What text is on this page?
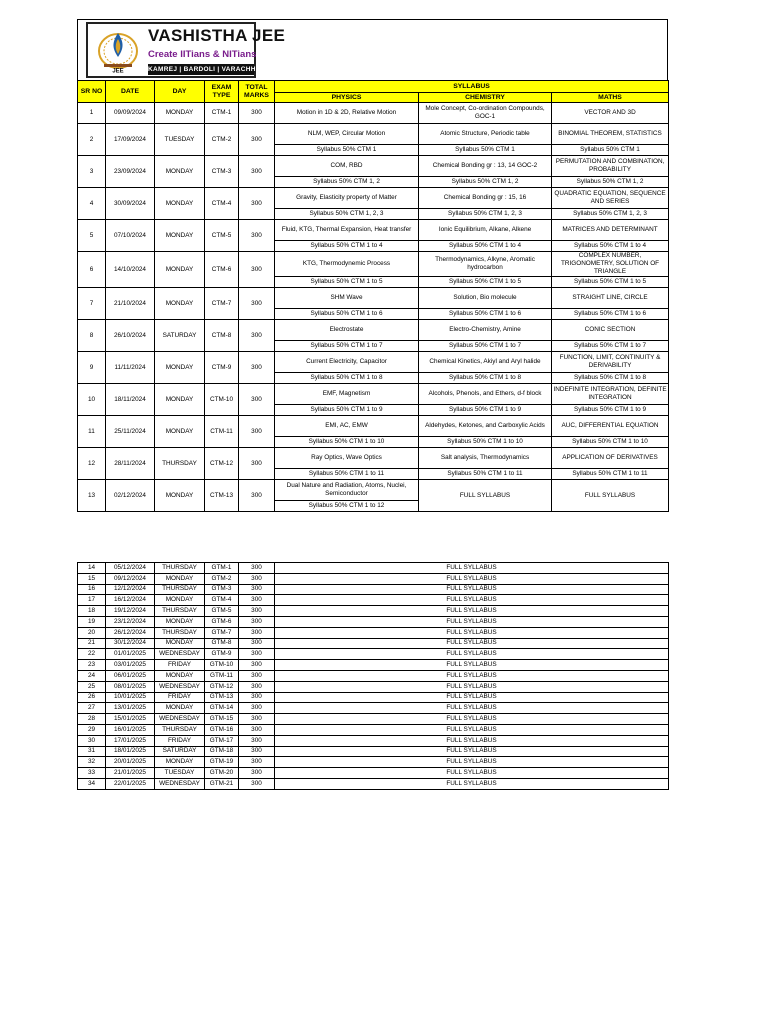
JEE
VASHISTHA JEE
Create IITians & NITians
KAMREJ | BARDOLI | VARACHHA
SR NO	DATE	DAY	EXAM TYPE	TOTAL MARKS	SYLLABUS		
					PHYSICS	CHEMISTRY	MATHS
1	09/09/2024	MONDAY	CTM-1	300	Motion in 1D & 2D, Relative Motion	Mole Concept, Co-ordination Compounds, GOC-1	VECTOR AND 3D
2	17/09/2024	TUESDAY	CTM-2	300	NLM, WEP, Circular Motion	Atomic Structure, Periodic table	BINOMIAL THEOREM, STATISTICS
					Syllabus 50% CTM 1	Syllabus 50% CTM 1	Syllabus 50% CTM 1
3	23/09/2024	MONDAY	CTM-3	300	COM, RBD	Chemical Bonding gr : 13, 14 GOC-2	PERMUTATION AND COMBINATION, PROBABILITY
					Syllabus 50% CTM 1, 2	Syllabus 50% CTM 1, 2	Syllabus 50% CTM 1, 2
4	30/09/2024	MONDAY	CTM-4	300	Gravity, Elasticity property of Matter	Chemical Bonding gr : 15, 16	QUADRATIC EQUATION, SEQUENCE AND SERIES
					Syllabus 50% CTM 1, 2, 3	Syllabus 50% CTM 1, 2, 3	Syllabus 50% CTM 1, 2, 3
5	07/10/2024	MONDAY	CTM-5	300	Fluid, KTG, Thermal Expansion, Heat transfer	Ionic Equilibrium, Alkane, Alkene	MATRICES AND DETERMINANT
					Syllabus 50% CTM 1 to 4	Syllabus 50% CTM 1 to 4	Syllabus 50% CTM 1 to 4
6	14/10/2024	MONDAY	CTM-6	300	KTG, Thermodynemic Process	Thermodynamics, Alkyne, Aromatic hydrocarbon	COMPLEX NUMBER, TRIGONOMETRY, SOLUTION OF TRIANGLE
					Syllabus 50% CTM 1 to 5	Syllabus 50% CTM 1 to 5	Syllabus 50% CTM 1 to 5
7	21/10/2024	MONDAY	CTM-7	300	SHM Wave	Solution, Bio molecule	STRAIGHT LINE, CIRCLE
					Syllabus 50% CTM 1 to 6	Syllabus 50% CTM 1 to 6	Syllabus 50% CTM 1 to 6
8	26/10/2024	SATURDAY	CTM-8	300	Electrostate	Electro-Chemistry, Amine	CONIC SECTION
					Syllabus 50% CTM 1 to 7	Syllabus 50% CTM 1 to 7	Syllabus 50% CTM 1 to 7
9	11/11/2024	MONDAY	CTM-9	300	Current Electricity, Capacitor	Chemical Kinetics, Akiyl and Aryl halide	FUNCTION, LIMIT, CONTINUITY & DERIVABILITY
					Syllabus 50% CTM 1 to 8	Syllabus 50% CTM 1 to 8	Syllabus 50% CTM 1 to 8
10	18/11/2024	MONDAY	CTM-10	300	EMF, Magnetism	Alcohols, Phenols, and Ethers, d-f block	INDEFINITE INTEGRATION, DEFINITE INTEGRATION
					Syllabus 50% CTM 1 to 9	Syllabus 50% CTM 1 to 9	Syllabus 50% CTM 1 to 9
11	25/11/2024	MONDAY	CTM-11	300	EMI, AC, EMW	Aldehydes, Ketones, and Carboxylic Acids	AUC, DIFFERENTIAL EQUATION
					Syllabus 50% CTM 1 to 10	Syllabus 50% CTM 1 to 10	Syllabus 50% CTM 1 to 10
12	28/11/2024	THURSDAY	CTM-12	300	Ray Optics, Wave Optics	Salt analysis, Thermodynamics	APPLICATION OF DERIVATIVES
					Syllabus 50% CTM 1 to 11	Syllabus 50% CTM 1 to 11	Syllabus 50% CTM 1 to 11
13	02/12/2024	MONDAY	CTM-13	300	Dual Nature and Radiation, Atoms, Nuclei, Semiconductor	FULL SYLLABUS	FULL SYLLABUS
					Syllabus 50% CTM 1 to 12		
14	05/12/2024	THURSDAY	GTM-1	300	FULL SYLLABUS
15	09/12/2024	MONDAY	GTM-2	300	FULL SYLLABUS
16	12/12/2024	THURSDAY	GTM-3	300	FULL SYLLABUS
17	16/12/2024	MONDAY	GTM-4	300	FULL SYLLABUS
18	19/12/2024	THURSDAY	GTM-5	300	FULL SYLLABUS
19	23/12/2024	MONDAY	GTM-6	300	FULL SYLLABUS
20	26/12/2024	THURSDAY	GTM-7	300	FULL SYLLABUS
21	30/12/2024	MONDAY	GTM-8	300	FULL SYLLABUS
22	01/01/2025	WEDNESDAY	GTM-9	300	FULL SYLLABUS
23	03/01/2025	FRIDAY	GTM-10	300	FULL SYLLABUS
24	06/01/2025	MONDAY	GTM-11	300	FULL SYLLABUS
25	08/01/2025	WEDNESDAY	GTM-12	300	FULL SYLLABUS
26	10/01/2025	FRIDAY	GTM-13	300	FULL SYLLABUS
27	13/01/2025	MONDAY	GTM-14	300	FULL SYLLABUS
28	15/01/2025	WEDNESDAY	GTM-15	300	FULL SYLLABUS
29	16/01/2025	THURSDAY	GTM-16	300	FULL SYLLABUS
30	17/01/2025	FRIDAY	GTM-17	300	FULL SYLLABUS
31	18/01/2025	SATURDAY	GTM-18	300	FULL SYLLABUS
32	20/01/2025	MONDAY	GTM-19	300	FULL SYLLABUS
33	21/01/2025	TUESDAY	GTM-20	300	FULL SYLLABUS
34	22/01/2025	WEDNESDAY	GTM-21	300	FULL SYLLABUS
